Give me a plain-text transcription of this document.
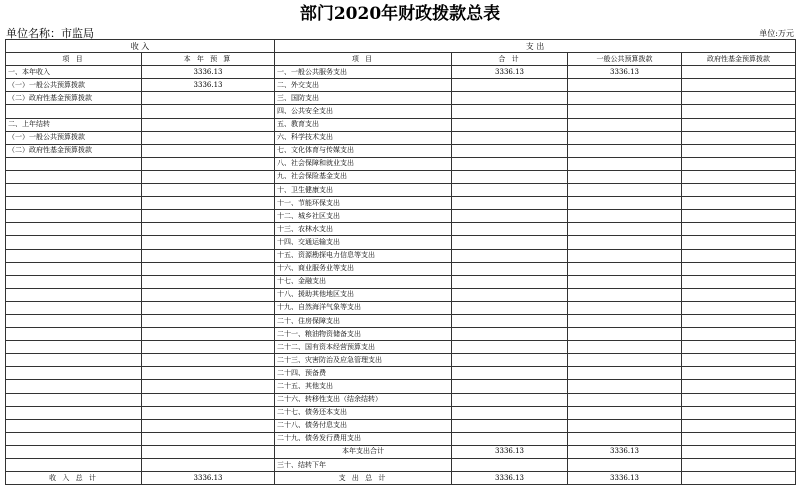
部门2020年财政拨款总表
单位名称：市监局	单位:万元
收 入		支 出			
项 目	本 年 预 算	项 目	合 计	一般公共预算拨款	政府性基金预算拨款
一、本年收入	3336.13	一、一般公共服务支出	3336.13	3336.13	
（一）一般公共预算拨款	3336.13	二、外交支出			
（二）政府性基金预算拨款		三、国防支出			
		四、公共安全支出			
二、上年结转		五、教育支出			
（一）一般公共预算拨款		六、科学技术支出			
（二）政府性基金预算拨款		七、文化体育与传媒支出			
		八、社会保障和就业支出			
		九、社会保险基金支出			
		十、卫生健康支出			
		十一、节能环保支出			
		十二、城乡社区支出			
		十三、农林水支出			
		十四、交通运输支出			
		十五、资源勘探电力信息等支出			
		十六、商业服务业等支出			
		十七、金融支出			
		十八、援助其他地区支出			
		十九、自然海洋气象等支出			
		二十、住房保障支出			
		二十一、粮油物资储备支出			
		二十二、国有资本经营预算支出			
		二十三、灾害防治及应急管理支出			
		二十四、预备费			
		二十五、其他支出			
		二十六、转移性支出（结余结转）			
		二十七、债务还本支出			
		二十八、债务付息支出			
		二十九、债务发行费用支出			
		本年支出合计	3336.13	3336.13	
		三十、结转下年			
收 入 总 计	3336.13	支 出 总 计	3336.13	3336.13	
